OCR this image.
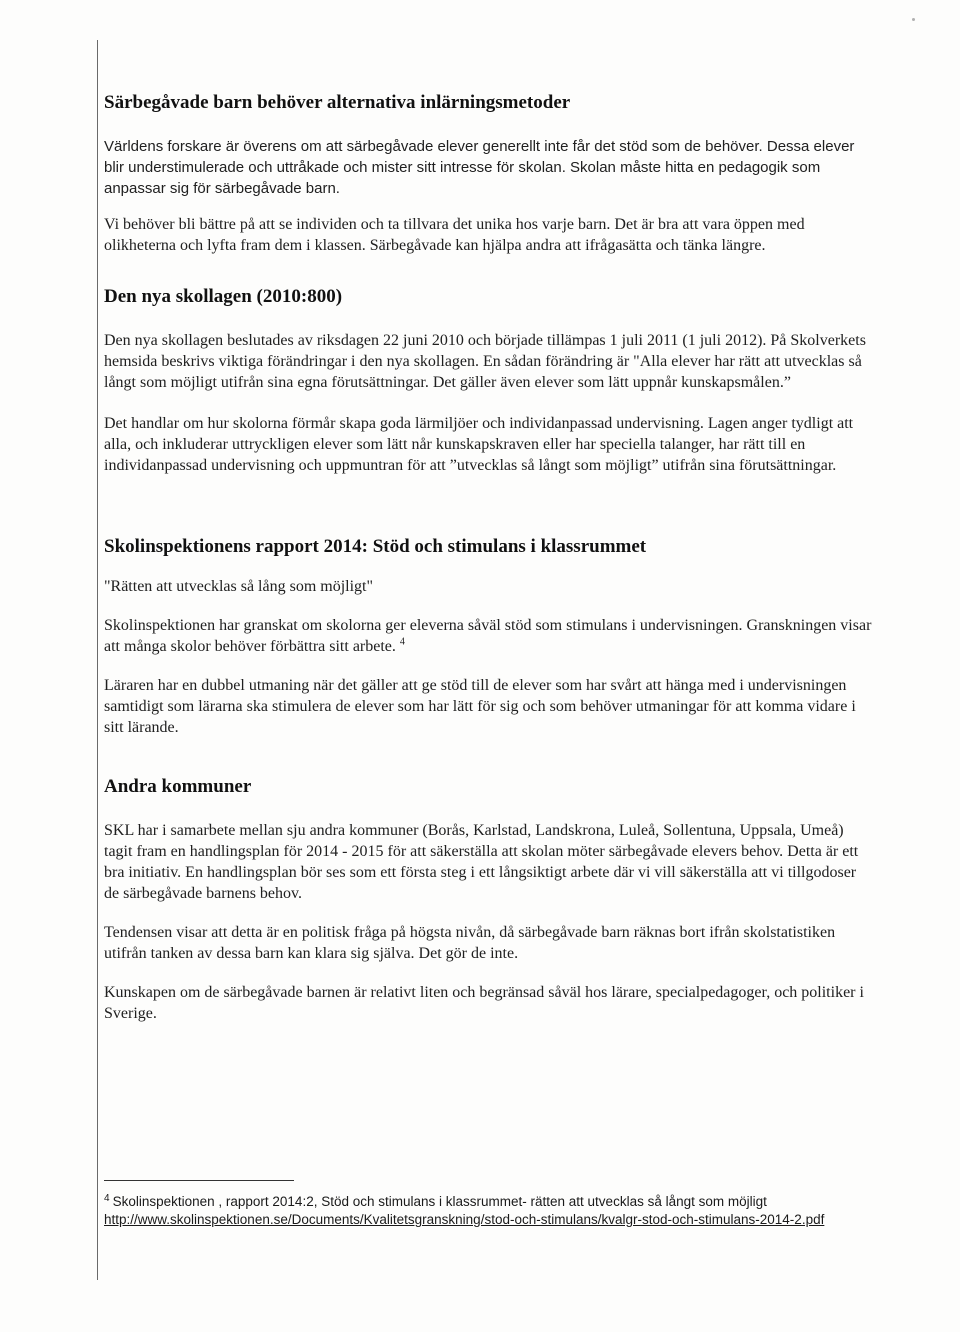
Särbegåvade barn behöver alternativa inlärningsmetoder

Världens forskare är överens om att särbegåvade elever generellt inte får det stöd som de behöver. Dessa elever blir understimulerade och uttråkade och mister sitt intresse för skolan. Skolan måste hitta en pedagogik som anpassar sig för särbegåvade barn.

Vi behöver bli bättre på att se individen och ta tillvara det unika hos varje barn. Det är bra att vara öppen med olikheterna och lyfta fram dem i klassen. Särbegåvade kan hjälpa andra att ifrågasätta och tänka längre.

Den nya skollagen (2010:800)

Den nya skollagen beslutades av riksdagen 22 juni 2010 och började tillämpas 1 juli 2011 (1 juli 2012). På Skolverkets hemsida beskrivs viktiga förändringar i den nya skollagen. En sådan förändring är "Alla elever har rätt att utvecklas så långt som möjligt utifrån sina egna förutsättningar. Det gäller även elever som lätt uppnår kunskapsmålen.”

Det handlar om hur skolorna förmår skapa goda lärmiljöer och individanpassad undervisning. Lagen anger tydligt att alla, och inkluderar uttryckligen elever som lätt når kunskapskraven eller har speciella talanger, har rätt till en individanpassad undervisning och uppmuntran för att ”utvecklas så långt som möjligt” utifrån sina förutsättningar.

Skolinspektionens rapport 2014: Stöd och stimulans i klassrummet

"Rätten att utvecklas så lång som möjligt"

Skolinspektionen har granskat om skolorna ger eleverna såväl stöd som stimulans i undervisningen. Granskningen visar att många skolor behöver förbättra sitt arbete. $^4$

Läraren har en dubbel utmaning när det gäller att ge stöd till de elever som har svårt att hänga med i undervisningen samtidigt som lärarna ska stimulera de elever som har lätt för sig och som behöver utmaningar för att komma vidare i sitt lärande.

Andra kommuner

SKL har i samarbete mellan sju andra kommuner (Borås, Karlstad, Landskrona, Luleå, Sollentuna, Uppsala, Umeå) tagit fram en handlingsplan för 2014 - 2015 för att säkerställa att skolan möter särbegåvade elevers behov. Detta är ett bra initiativ. En handlingsplan bör ses som ett första steg i ett långsiktigt arbete där vi vill säkerställa att vi tillgodoser de särbegåvade barnens behov.

Tendensen visar att detta är en politisk fråga på högsta nivån, då särbegåvade barn räknas bort ifrån skolstatistiken utifrån tanken av dessa barn kan klara sig själva. Det gör de inte.

Kunskapen om de särbegåvade barnen är relativt liten och begränsad såväl hos lärare, specialpedagoger, och politiker i Sverige.

$^4$ Skolinspektionen , rapport 2014:2, Stöd och stimulans i klassrummet- rätten att utvecklas så långt som möjligt
http://www.skolinspektionen.se/Documents/Kvalitetsgranskning/stod-och-stimulans/kvalgr-stod-och-stimulans-2014-2.pdf
